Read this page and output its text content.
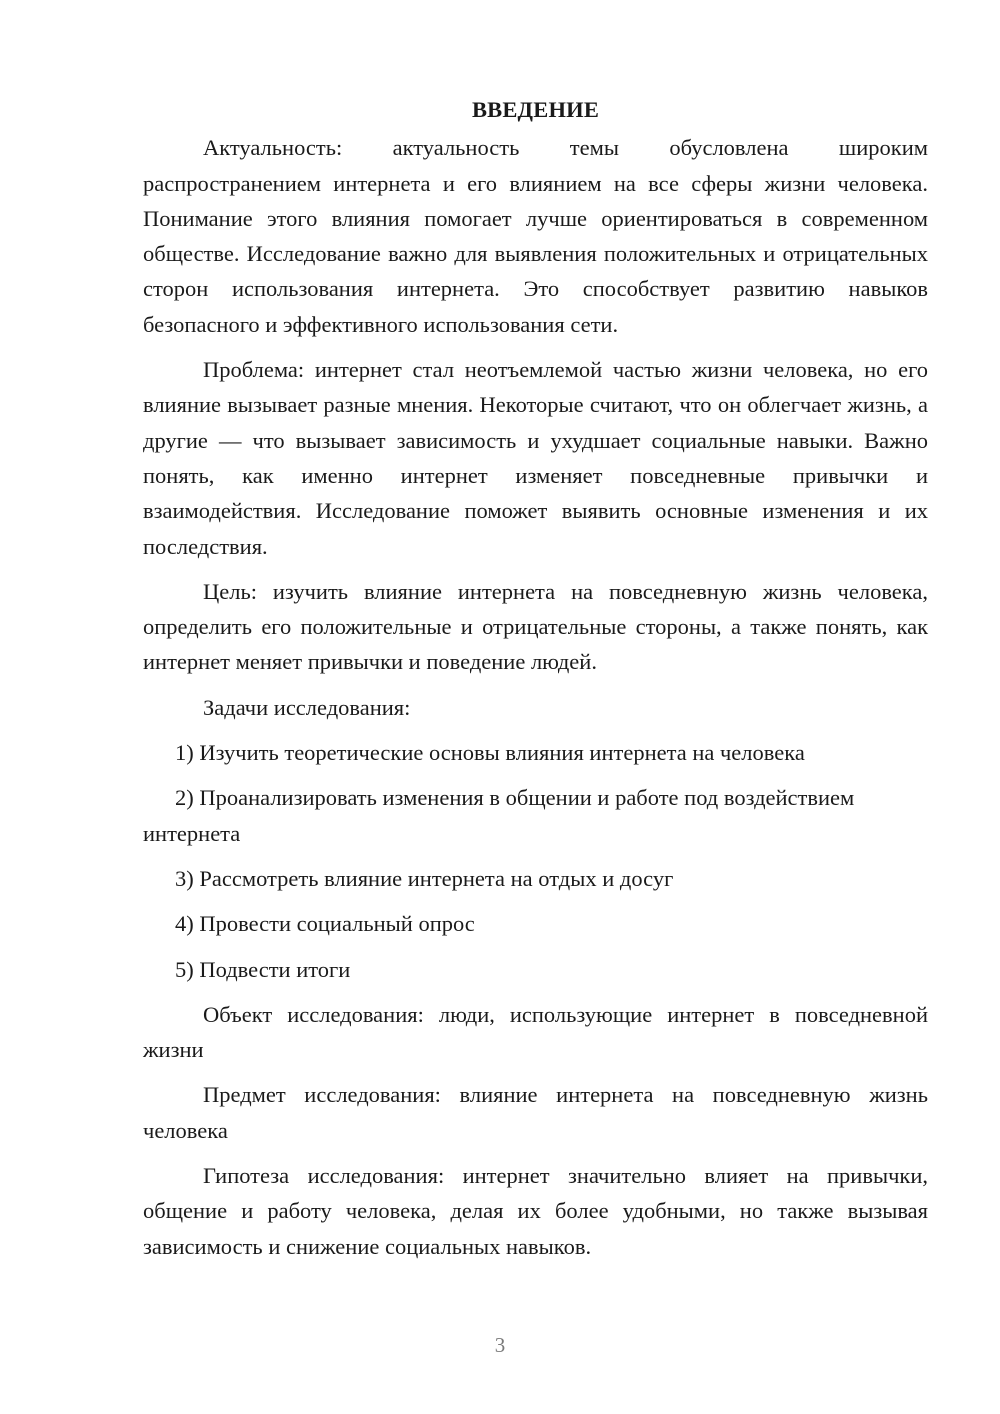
ВВЕДЕНИЕ

Актуальность: актуальность темы обусловлена широким распространением интернета и его влиянием на все сферы жизни человека. Понимание этого влияния помогает лучше ориентироваться в современном обществе. Исследование важно для выявления положительных и отрицательных сторон использования интернета. Это способствует развитию навыков безопасного и эффективного использования сети.

Проблема: интернет стал неотъемлемой частью жизни человека, но его влияние вызывает разные мнения. Некоторые считают, что он облегчает жизнь, а другие — что вызывает зависимость и ухудшает социальные навыки. Важно понять, как именно интернет изменяет повседневные привычки и взаимодействия. Исследование поможет выявить основные изменения и их последствия.

Цель: изучить влияние интернета на повседневную жизнь человека, определить его положительные и отрицательные стороны, а также понять, как интернет меняет привычки и поведение людей.

Задачи исследования:

1) Изучить теоретические основы влияния интернета на человека

2) Проанализировать изменения в общении и работе под воздействием интернета

3) Рассмотреть влияние интернета на отдых и досуг

4) Провести социальный опрос

5) Подвести итоги

Объект исследования: люди, использующие интернет в повседневной жизни

Предмет исследования: влияние интернета на повседневную жизнь человека

Гипотеза исследования: интернет значительно влияет на привычки, общение и работу человека, делая их более удобными, но также вызывая зависимость и снижение социальных навыков.

3
